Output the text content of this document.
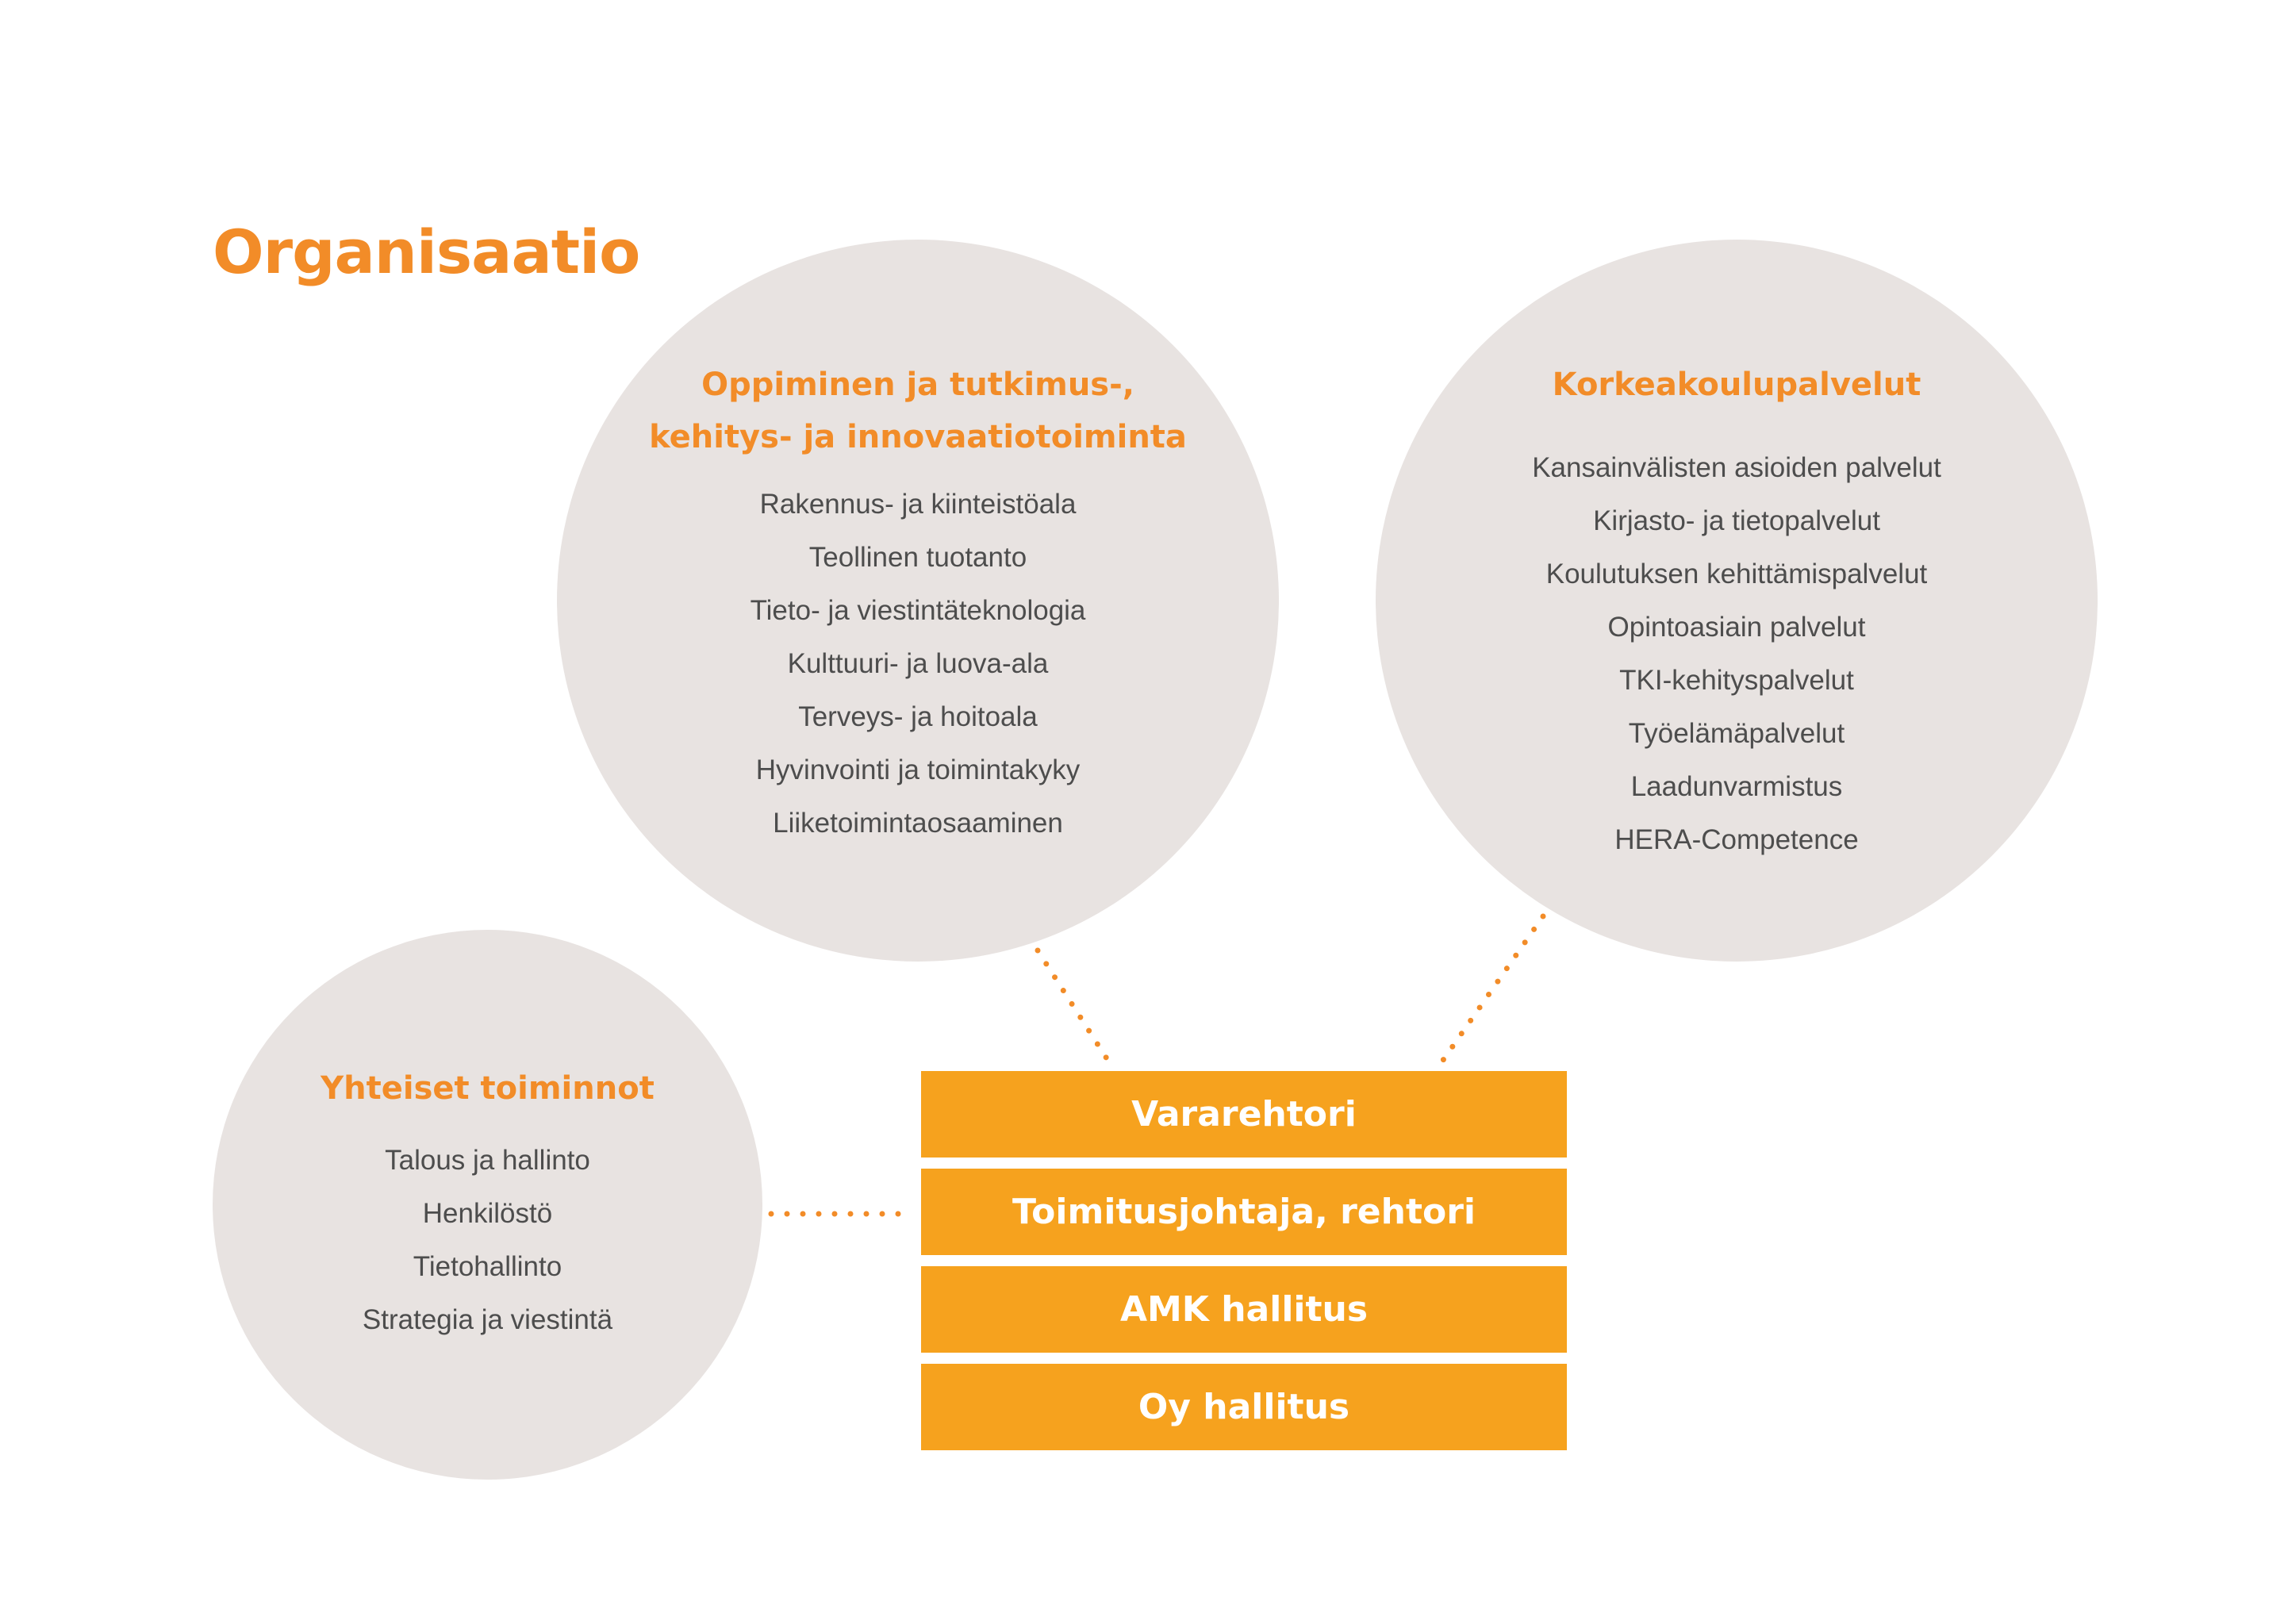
Organisaatio
Oppiminen ja tutkimus-,
kehitys- ja innovaatiotoiminta
Rakennus- ja kiinteistöala
Teollinen tuotanto
Tieto- ja viestintäteknologia
Kulttuuri- ja luova-ala
Terveys- ja hoitoala
Hyvinvointi ja toimintakyky
Liiketoimintaosaaminen
Korkeakoulupalvelut
Kansainvälisten asioiden palvelut
Kirjasto- ja tietopalvelut
Koulutuksen kehittämispalvelut
Opintoasiain palvelut
TKI-kehityspalvelut
Työelämäpalvelut
Laadunvarmistus
HERA-Competence
Yhteiset toiminnot
Talous ja hallinto
Henkilöstö
Tietohallinto
Strategia ja viestintä
Vararehtori
Toimitusjohtaja, rehtori
AMK hallitus
Oy hallitus
